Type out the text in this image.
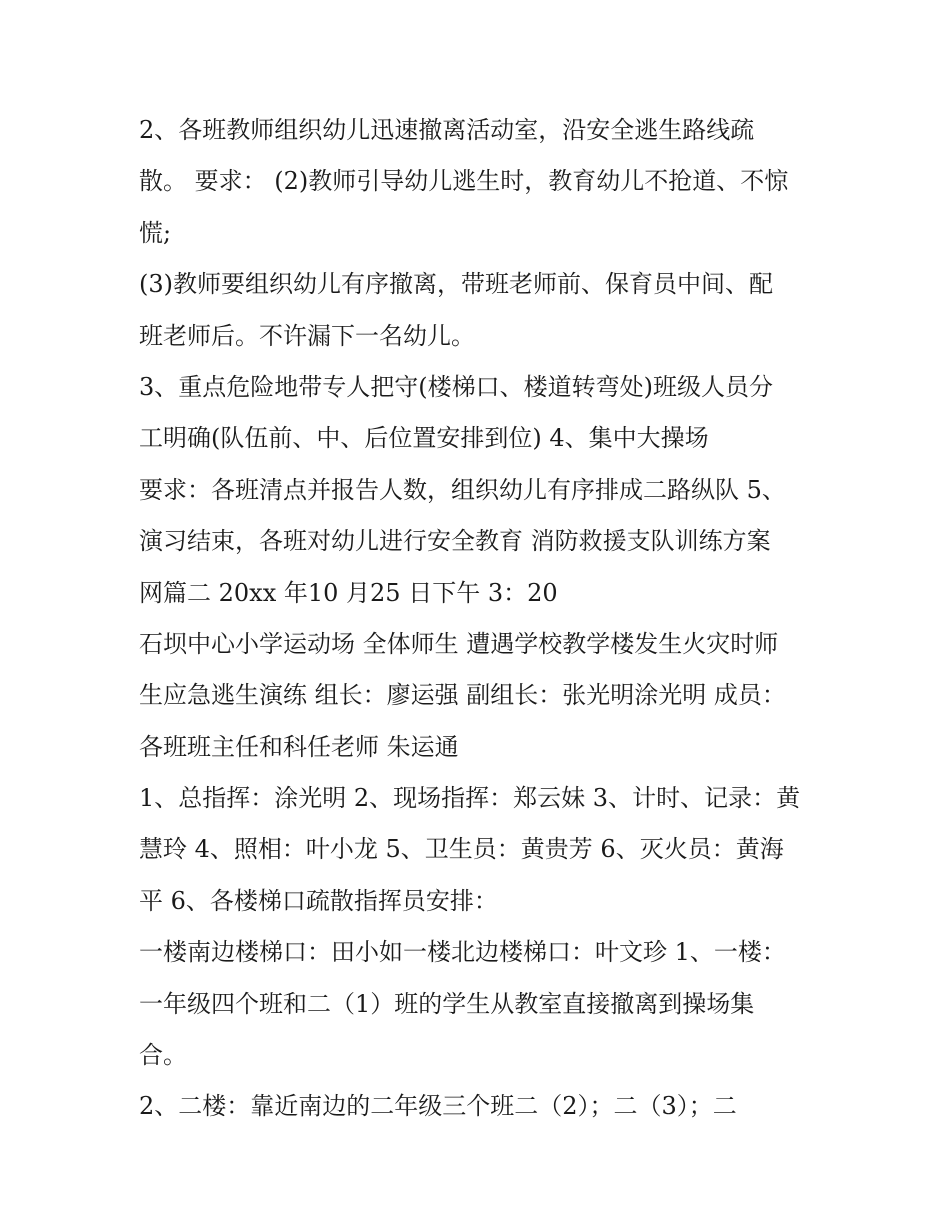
2、各班教师组织幼儿迅速撤离活动室，沿安全逃生路线疏
散。 要求： (2)教师引导幼儿逃生时，教育幼儿不抢道、不惊
慌;
(3)教师要组织幼儿有序撤离，带班老师前、保育员中间、配
班老师后。不许漏下一名幼儿。
3、重点危险地带专人把守(楼梯口、楼道转弯处)班级人员分
工明确(队伍前、中、后位置安排到位) 4、集中大操场
要求：各班清点并报告人数，组织幼儿有序排成二路纵队 5、
演习结束，各班对幼儿进行安全教育 消防救援支队训练方案
网篇二 20xx 年10 月25 日下午 3：20
石坝中心小学运动场 全体师生 遭遇学校教学楼发生火灾时师
生应急逃生演练 组长：廖运强 副组长：张光明涂光明 成员：
各班班主任和科任老师 朱运通
1、总指挥：涂光明 2、现场指挥：郑云妹 3、计时、记录：黄
慧玲 4、照相：叶小龙 5、卫生员：黄贵芳 6、灭火员：黄海
平 6、各楼梯口疏散指挥员安排：
一楼南边楼梯口：田小如一楼北边楼梯口：叶文珍 1、一楼：
一年级四个班和二（1）班的学生从教室直接撤离到操场集
合。
2、二楼：靠近南边的二年级三个班二（2）；二（3）；二
